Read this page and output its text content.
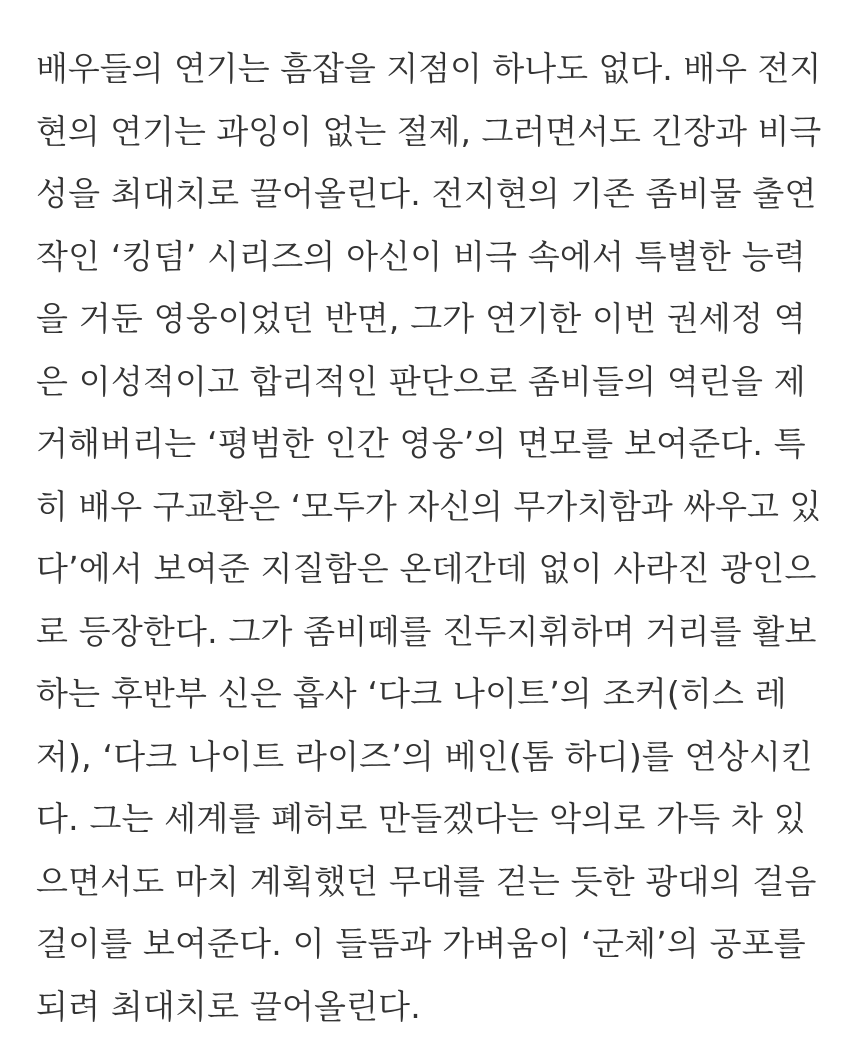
배우들의 연기는 흠잡을 지점이 하나도 없다. 배우 전지
현의 연기는 과잉이 없는 절제, 그러면서도 긴장과 비극
성을 최대치로 끌어올린다. 전지현의 기존 좀비물 출연
작인 ‘킹덤’ 시리즈의 아신이 비극 속에서 특별한 능력
을 거둔 영웅이었던 반면, 그가 연기한 이번 권세정 역
은 이성적이고 합리적인 판단으로 좀비들의 역린을 제
거해버리는 ‘평범한 인간 영웅’의 면모를 보여준다. 특
히 배우 구교환은 ‘모두가 자신의 무가치함과 싸우고 있
다’에서 보여준 지질함은 온데간데 없이 사라진 광인으
로 등장한다. 그가 좀비떼를 진두지휘하며 거리를 활보
하는 후반부 신은 흡사 ‘다크 나이트’의 조커(히스 레
저), ‘다크 나이트 라이즈’의 베인(톰 하디)를 연상시킨
다. 그는 세계를 폐허로 만들겠다는 악의로 가득 차 있
으면서도 마치 계획했던 무대를 걷는 듯한 광대의 걸음
걸이를 보여준다. 이 들뜸과 가벼움이 ‘군체’의 공포를
되려 최대치로 끌어올린다.
